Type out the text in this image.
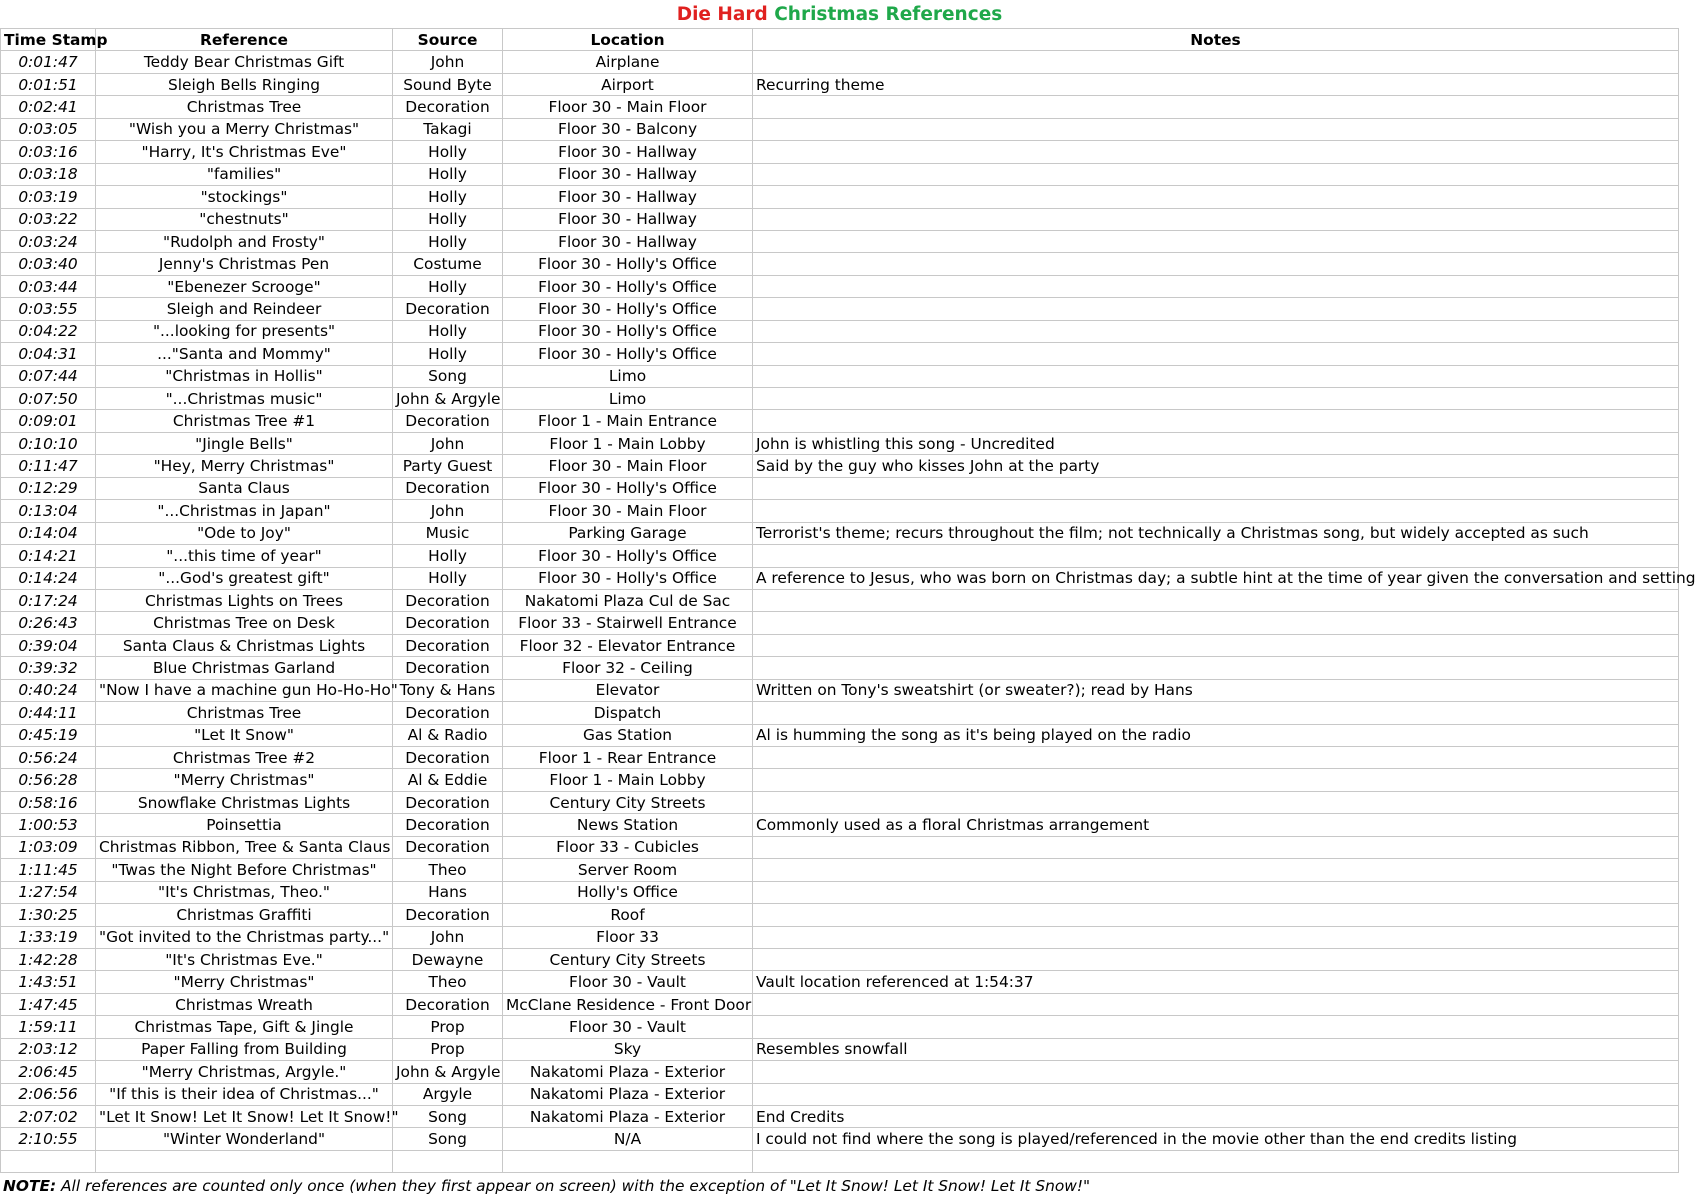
Die Hard Christmas References
Time Stamp	Reference	Source	Location	Notes
0:01:47	Teddy Bear Christmas Gift	John	Airplane	
0:01:51	Sleigh Bells Ringing	Sound Byte	Airport	Recurring theme
0:02:41	Christmas Tree	Decoration	Floor 30 - Main Floor	
0:03:05	"Wish you a Merry Christmas"	Takagi	Floor 30 - Balcony	
0:03:16	"Harry, It's Christmas Eve"	Holly	Floor 30 - Hallway	
0:03:18	"families"	Holly	Floor 30 - Hallway	
0:03:19	"stockings"	Holly	Floor 30 - Hallway	
0:03:22	"chestnuts"	Holly	Floor 30 - Hallway	
0:03:24	"Rudolph and Frosty"	Holly	Floor 30 - Hallway	
0:03:40	Jenny's Christmas Pen	Costume	Floor 30 - Holly's Office	
0:03:44	"Ebenezer Scrooge"	Holly	Floor 30 - Holly's Office	
0:03:55	Sleigh and Reindeer	Decoration	Floor 30 - Holly's Office	
0:04:22	"...looking for presents"	Holly	Floor 30 - Holly's Office	
0:04:31	..."Santa and Mommy"	Holly	Floor 30 - Holly's Office	
0:07:44	"Christmas in Hollis"	Song	Limo	
0:07:50	"...Christmas music"	John & Argyle	Limo	
0:09:01	Christmas Tree #1	Decoration	Floor 1 - Main Entrance	
0:10:10	"Jingle Bells"	John	Floor 1 - Main Lobby	John is whistling this song - Uncredited
0:11:47	"Hey, Merry Christmas"	Party Guest	Floor 30 - Main Floor	Said by the guy who kisses John at the party
0:12:29	Santa Claus	Decoration	Floor 30 - Holly's Office	
0:13:04	"...Christmas in Japan"	John	Floor 30 - Main Floor	
0:14:04	"Ode to Joy"	Music	Parking Garage	Terrorist's theme; recurs throughout the film; not technically a Christmas song, but widely accepted as such
0:14:21	"...this time of year"	Holly	Floor 30 - Holly's Office	
0:14:24	"...God's greatest gift"	Holly	Floor 30 - Holly's Office	A reference to Jesus, who was born on Christmas day; a subtle hint at the time of year given the conversation and setting
0:17:24	Christmas Lights on Trees	Decoration	Nakatomi Plaza Cul de Sac	
0:26:43	Christmas Tree on Desk	Decoration	Floor 33 - Stairwell Entrance	
0:39:04	Santa Claus & Christmas Lights	Decoration	Floor 32 - Elevator Entrance	
0:39:32	Blue Christmas Garland	Decoration	Floor 32 - Ceiling	
0:40:24	"Now I have a machine gun Ho-Ho-Ho"	Tony & Hans	Elevator	Written on Tony's sweatshirt (or sweater?); read by Hans
0:44:11	Christmas Tree	Decoration	Dispatch	
0:45:19	"Let It Snow"	Al & Radio	Gas Station	Al is humming the song as it's being played on the radio
0:56:24	Christmas Tree #2	Decoration	Floor 1 - Rear Entrance	
0:56:28	"Merry Christmas"	Al & Eddie	Floor 1 - Main Lobby	
0:58:16	Snowflake Christmas Lights	Decoration	Century City Streets	
1:00:53	Poinsettia	Decoration	News Station	Commonly used as a floral Christmas arrangement
1:03:09	Christmas Ribbon, Tree & Santa Claus	Decoration	Floor 33 - Cubicles	
1:11:45	"Twas the Night Before Christmas"	Theo	Server Room	
1:27:54	"It's Christmas, Theo."	Hans	Holly's Office	
1:30:25	Christmas Graffiti	Decoration	Roof	
1:33:19	"Got invited to the Christmas party..."	John	Floor 33	
1:42:28	"It's Christmas Eve."	Dewayne	Century City Streets	
1:43:51	"Merry Christmas"	Theo	Floor 30 - Vault	Vault location referenced at 1:54:37
1:47:45	Christmas Wreath	Decoration	McClane Residence - Front Door	
1:59:11	Christmas Tape, Gift & Jingle	Prop	Floor 30 - Vault	
2:03:12	Paper Falling from Building	Prop	Sky	Resembles snowfall
2:06:45	"Merry Christmas, Argyle."	John & Argyle	Nakatomi Plaza - Exterior	
2:06:56	"If this is their idea of Christmas..."	Argyle	Nakatomi Plaza - Exterior	
2:07:02	"Let It Snow! Let It Snow! Let It Snow!"	Song	Nakatomi Plaza - Exterior	End Credits
2:10:55	"Winter Wonderland"	Song	N/A	I could not find where the song is played/referenced in the movie other than the end credits listing

NOTE: All references are counted only once (when they first appear on screen) with the exception of "Let It Snow! Let It Snow! Let It Snow!"
